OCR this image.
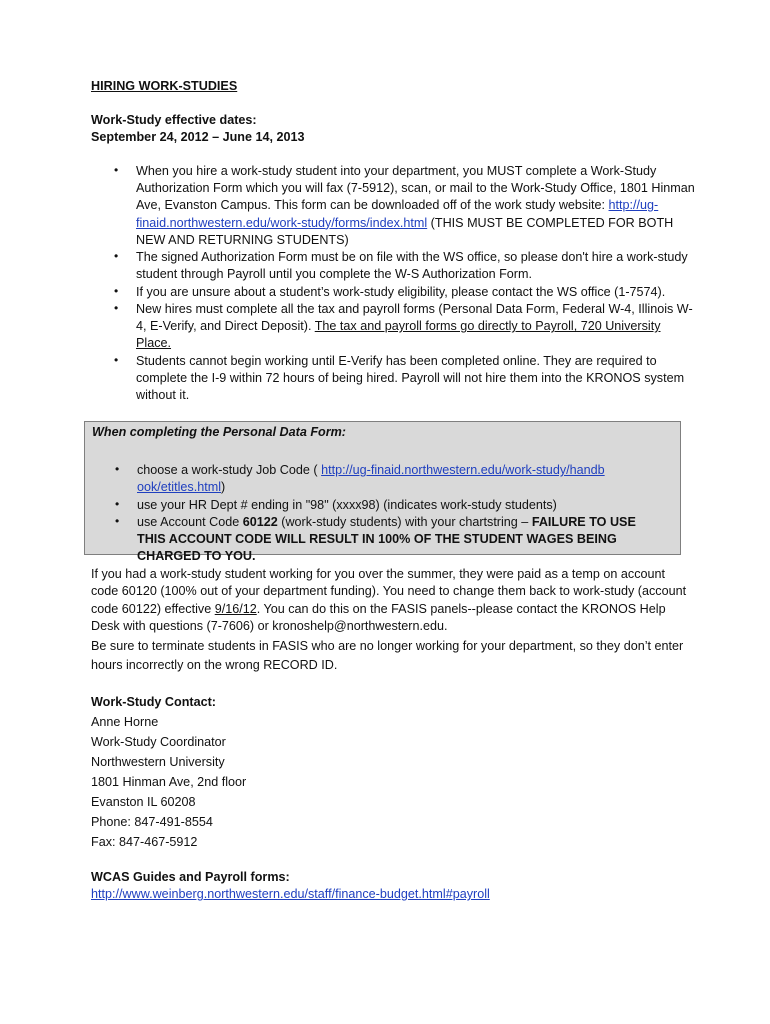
HIRING WORK-STUDIES
Work-Study effective dates:
September 24, 2012 – June 14, 2013
• When you hire a work-study student into your department, you MUST complete a Work-Study Authorization Form which you will fax (7-5912), scan, or mail to the Work-Study Office, 1801 Hinman Ave, Evanston Campus. This form can be downloaded off of the work study website: http://ug-finaid.northwestern.edu/work-study/forms/index.html (THIS MUST BE COMPLETED FOR BOTH NEW AND RETURNING STUDENTS)
• The signed Authorization Form must be on file with the WS office, so please don't hire a work-study student through Payroll until you complete the W-S Authorization Form.
• If you are unsure about a student’s work-study eligibility, please contact the WS office (1-7574).
• New hires must complete all the tax and payroll forms (Personal Data Form, Federal W-4, Illinois W-4, E-Verify, and Direct Deposit). The tax and payroll forms go directly to Payroll, 720 University Place.
• Students cannot begin working until E-Verify has been completed online. They are required to complete the I-9 within 72 hours of being hired. Payroll will not hire them into the KRONOS system without it.
When completing the Personal Data Form:
• choose a work-study Job Code ( http://ug-finaid.northwestern.edu/work-study/handbook/etitles.html)
• use your HR Dept # ending in "98" (xxxx98) (indicates work-study students)
• use Account Code 60122 (work-study students) with your chartstring – FAILURE TO USE THIS ACCOUNT CODE WILL RESULT IN 100% OF THE STUDENT WAGES BEING CHARGED TO YOU.
If you had a work-study student working for you over the summer, they were paid as a temp on account code 60120 (100% out of your department funding). You need to change them back to work-study (account code 60122) effective 9/16/12. You can do this on the FASIS panels--please contact the KRONOS Help Desk with questions (7-7606) or kronoshelp@northwestern.edu.
Be sure to terminate students in FASIS who are no longer working for your department, so they don’t enter hours incorrectly on the wrong RECORD ID.
Work-Study Contact:
Anne Horne
Work-Study Coordinator
Northwestern University
1801 Hinman Ave, 2nd floor
Evanston IL 60208
Phone: 847-491-8554
Fax: 847-467-5912
WCAS Guides and Payroll forms:
http://www.weinberg.northwestern.edu/staff/finance-budget.html#payroll
